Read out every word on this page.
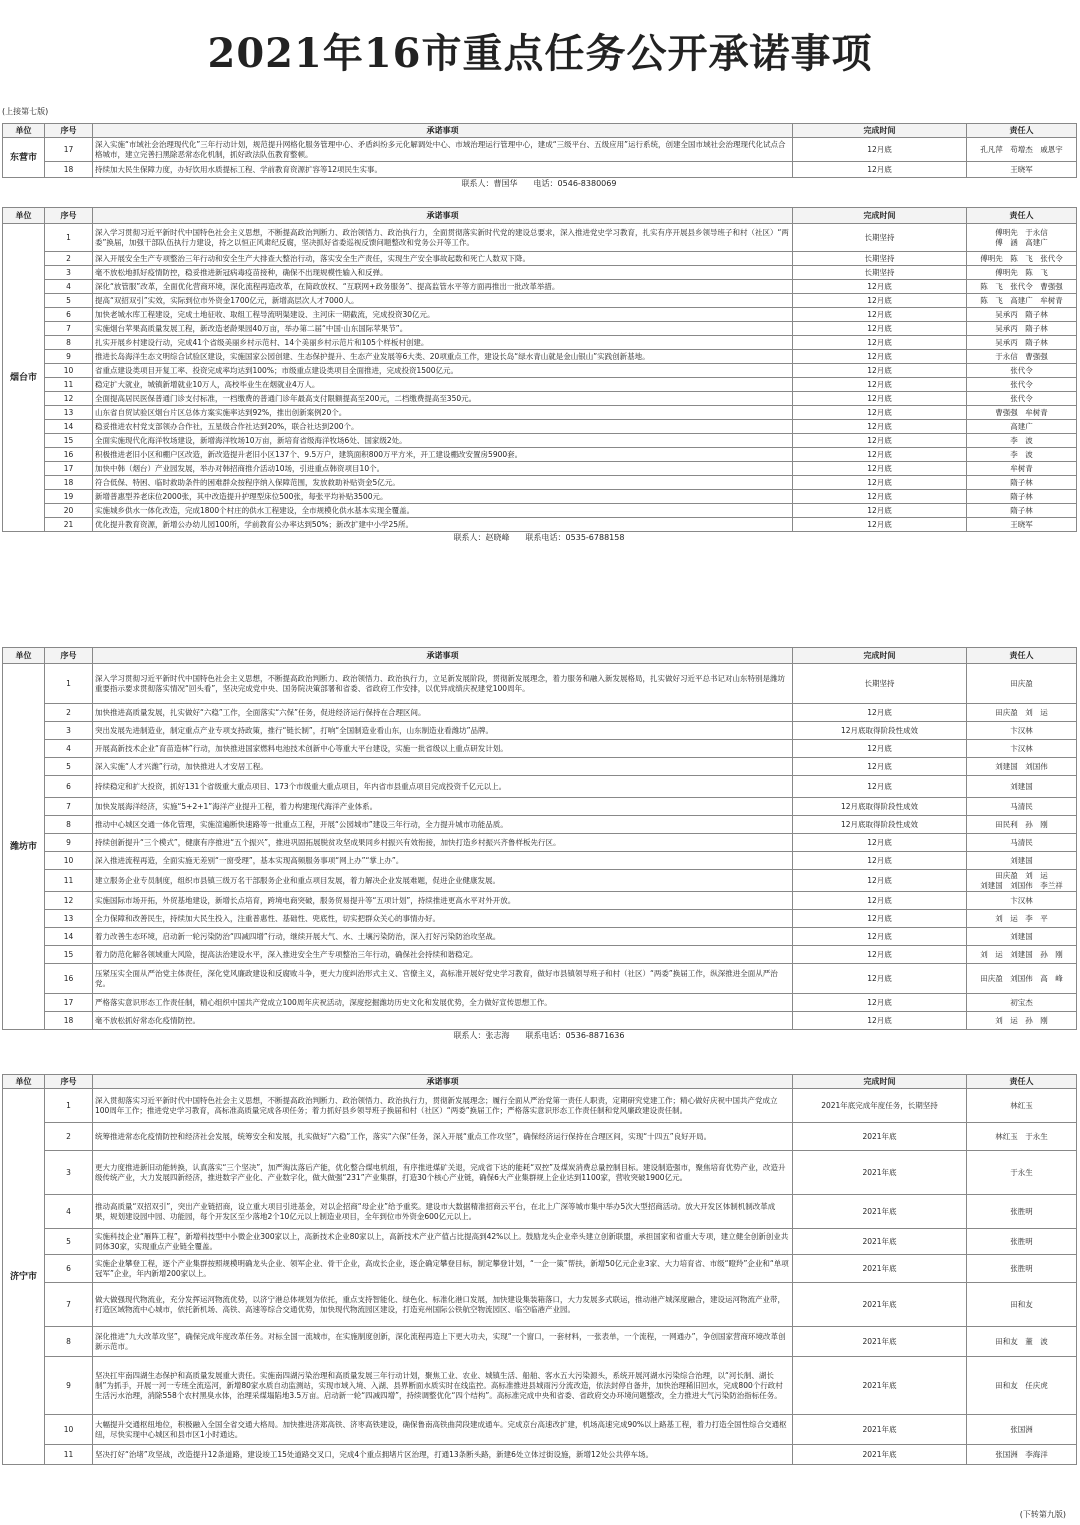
2021年16市重点任务公开承诺事项
(上接第七版)
单位	序号	承诺事项	完成时间	责任人
东营市	17	深入实施“市域社会治理现代化”三年行动计划，规范提升网格化服务管理中心、矛盾纠纷多元化解调处中心、市域治理运行管理中心，建成“三级平台、五级应用”运行系统，创建全国市域社会治理现代化试点合格城市，建立完善扫黑除恶常态化机制，抓好政法队伍教育整顿。	12月底	孔凡萍　苟增杰　戚恩宇
	18	持续加大民生保障力度，办好饮用水质提标工程、学前教育资源扩容等12项民生实事。	12月底	王晓军
联系人：曹国华　　电话：0546-8380069
单位	序号	承诺事项	完成时间	责任人
烟台市	1	深入学习贯彻习近平新时代中国特色社会主义思想，不断提高政治判断力、政治领悟力、政治执行力，全面贯彻落实新时代党的建设总要求，深入推进党史学习教育，扎实有序开展县乡领导班子和村（社区）“两委”换届，加强干部队伍执行力建设，持之以恒正风肃纪反腐，坚决抓好省委巡视反馈问题整改和党务公开等工作。	长期坚持	傅明先　于永信
傅　涵　高建广
	2	深入开展安全生产专项整治三年行动和安全生产大排查大整治行动，落实安全生产责任，实现生产安全事故起数和死亡人数双下降。	长期坚持	傅明先　陈　飞　张代令
	3	毫不放松地抓好疫情防控，稳妥推进新冠病毒疫苗接种，确保不出现规模性输入和反弹。	长期坚持	傅明先　陈　飞
	4	深化“放管服”改革，全面优化营商环境，深化流程再造改革，在简政放权、“互联网+政务服务”、提高监管水平等方面再推出一批改革举措。	12月底	陈　飞　张代令　曹强强
	5	提高“双招双引”实效，实际到位市外资金1700亿元，新增高层次人才7000人。	12月底	陈　飞　高建广　牟树青
	6	加快老城水库工程建设，完成土地征收、取组工程导流明渠建设、主河床一期截流，完成投资30亿元。	12月底	吴承丙　隋子林
	7	实施烟台苹果高质量发展工程，新改造老龄果园40万亩，举办第二届“中国·山东国际苹果节”。	12月底	吴承丙　隋子林
	8	扎实开展乡村建设行动，完成41个省级美丽乡村示范村、14个美丽乡村示范片和105个样板村创建。	12月底	吴承丙　隋子林
	9	推进长岛海洋生态文明综合试验区建设，实施国家公园创建、生态保护提升、生态产业发展等6大类、20项重点工作，建设长岛“绿水青山就是金山银山”实践创新基地。	12月底	于永信　曹强强
	10	省重点建设类项目开复工率、投资完成率均达到100%；市级重点建设类项目全面推进，完成投资1500亿元。	12月底	张代令
	11	稳定扩大就业，城镇新增就业10万人，高校毕业生在烟就业4万人。	12月底	张代令
	12	全面提高居民医保普通门诊支付标准，一档缴费的普通门诊年最高支付限额提高至200元，二档缴费提高至350元。	12月底	张代令
	13	山东省自贸试验区烟台片区总体方案实施率达到92%，推出创新案例20个。	12月底	曹强强　牟树青
	14	稳妥推进农村党支部领办合作社，五星级合作社达到20%，联合社达到200个。	12月底	高建广
	15	全面实施现代化海洋牧场建设，新增海洋牧场10万亩，新培育省级海洋牧场6处、国家级2处。	12月底	李　波
	16	积极推进老旧小区和棚户区改造，新改造提升老旧小区137个、9.5万户，建筑面积800万平方米，开工建设棚改安置房5900套。	12月底	李　波
	17	加快中韩（烟台）产业园发展，举办对韩招商推介活动10场，引进重点韩资项目10个。	12月底	牟树青
	18	符合低保、特困、临时救助条件的困难群众按程序纳入保障范围，发放救助补贴资金5亿元。	12月底	隋子林
	19	新增普惠型养老床位2000张，其中改造提升护理型床位500张，每张平均补贴3500元。	12月底	隋子林
	20	实施城乡供水一体化改造，完成1800个村庄的供水工程建设，全市规模化供水基本实现全覆盖。	12月底	隋子林
	21	优化提升教育资源，新增公办幼儿园100所，学前教育公办率达到50%；新改扩建中小学25所。	12月底	王晓军
联系人：赵晓峰　　联系电话：0535-6788158
单位	序号	承诺事项	完成时间	责任人
潍坊市	1	深入学习贯彻习近平新时代中国特色社会主义思想，不断提高政治判断力、政治领悟力、政治执行力，立足新发展阶段，贯彻新发展理念，着力服务和融入新发展格局，扎实做好习近平总书记对山东特别是潍坊重要指示要求贯彻落实情况“回头看”，坚决完成党中央、国务院决策部署和省委、省政府工作安排，以优异成绩庆祝建党100周年。	长期坚持	田庆盈
	2	加快推进高质量发展，扎实做好“六稳”工作，全面落实“六保”任务，促进经济运行保持在合理区间。	12月底	田庆盈　刘　运
	3	突出发展先进制造业，制定重点产业专项支持政策，推行“链长制”，打响“全国制造业看山东，山东制造业看潍坊”品牌。	12月底取得阶段性成效	卞汉林
	4	开展高新技术企业“育苗造林”行动，加快推进国家燃料电池技术创新中心等重大平台建设，实施一批省级以上重点研发计划。	12月底	卞汉林
	5	深入实施“人才兴潍”行动，加快推进人才安居工程。	12月底	刘建国　刘国伟
	6	持续稳定和扩大投资，抓好131个省级重大重点项目、173个市级重大重点项目，年内省市县重点项目完成投资千亿元以上。	12月底	刘建国
	7	加快发展海洋经济，实施“5+2+1”海洋产业提升工程，着力构建现代海洋产业体系。	12月底取得阶段性成效	马清民
	8	推动中心城区交通一体化管理，实施渲遍断快速路等一批重点工程，开展“公园城市”建设三年行动，全力提升城市功能品质。	12月底取得阶段性成效	田民利　孙　刚
	9	持续创新提升“三个模式”，健康有序推进“五个振兴”，推进巩固拓展脱贫攻坚成果同乡村振兴有效衔接，加快打造乡村振兴齐鲁样板先行区。	12月底	马清民
	10	深入推进流程再造，全面实施无差别“一窗受理”，基本实现高频服务事项“网上办”“掌上办”。	12月底	刘建国
	11	建立服务企业专员制度，组织市县镇三级万名干部服务企业和重点项目发展，着力解决企业发展难题，促进企业健康发展。	12月底	田庆盈　刘　运
刘建国　刘国伟　李兰祥
	12	实施国际市场开拓，外贸基地建设，新增长点培育，跨境电商突破，服务贸易提升等“五项计划”，持续推进更高水平对外开放。	12月底	卞汉林
	13	全力保障和改善民生，持续加大民生投入，注重普惠性、基础性、兜底性，切实把群众关心的事情办好。	12月底	刘　运　李　平
	14	着力改善生态环境，启动新一轮污染防治“四减四增”行动，继续开展大气、水、土壤污染防治，深入打好污染防治攻坚战。	12月底	刘建国
	15	着力防范化解各领域重大风险，提高法治建设水平，深入推进安全生产专项整治三年行动，确保社会持续和谐稳定。	12月底	刘　运　刘建国　孙　刚
	16	压紧压实全面从严治党主体责任，深化党风廉政建设和反腐败斗争，更大力度纠治形式主义、官僚主义，高标准开展好党史学习教育，做好市县镇领导班子和村（社区）“两委”换届工作，纵深推进全面从严治党。	12月底	田庆盈　刘国伟　高　峰
	17	严格落实意识形态工作责任制，精心组织中国共产党成立100周年庆祝活动，深度挖掘潍坊历史文化和发展优势，全力做好宣传思想工作。	12月底	初宝杰
	18	毫不放松抓好常态化疫情防控。	12月底	刘　运　孙　刚
联系人：张志海　　联系电话：0536-8871636
单位	序号	承诺事项	完成时间	责任人
济宁市	1	深入贯彻落实习近平新时代中国特色社会主义思想，不断提高政治判断力、政治领悟力、政治执行力，贯彻新发展理念；履行全面从严治党第一责任人职责，定期研究党建工作；精心做好庆祝中国共产党成立100周年工作；推进党史学习教育，高标准高质量完成各项任务；着力抓好县乡领导班子换届和村（社区）“两委”换届工作；严格落实意识形态工作责任制和党风廉政建设责任制。	2021年底完成年度任务，长期坚持	林红玉
	2	统筹推进常态化疫情防控和经济社会发展，统筹安全和发展，扎实做好“六稳”工作，落实“六保”任务，深入开展“重点工作攻坚”，确保经济运行保持在合理区间，实现“十四五”良好开局。	2021年底	林红玉　于永生
	3	更大力度推进新旧动能转换，认真落实“三个坚决”，加严淘汰落后产能，优化整合煤电机组，有序推进煤矿关退，完成省下达的能耗“双控”及煤炭消费总量控制目标。建设制造强市，聚焦培育优势产业，改造升级传统产业，大力发展四新经济，推进数字产业化、产业数字化，做大做强“231”产业集群，打造30个核心产业链，确保6大产业集群规上企业达到1100家，营收突破1900亿元。	2021年底	于永生
	4	推动高质量“双招双引”，突出产业链招商，设立重大项目引进基金，对以企招商“母企业”给予重奖。建设市大数据精准招商云平台，在北上广深等城市集中举办5次大型招商活动。放大开发区体制机制改革成果，规划建设园中园、功能园，每个开发区至少落地2个10亿元以上制造业项目，全年到位市外资金600亿元以上。	2021年底	张胜明
	5	实施科技企业“雁阵工程”，新增科技型中小微企业300家以上，高新技术企业80家以上，高新技术产业产值占比提高到42%以上。鼓励龙头企业牵头建立创新联盟，承担国家和省重大专项，建立健全创新创业共同体30家，实现重点产业链全覆盖。	2021年底	张胜明
	6	实施企业攀登工程，逐个产业集群按照规模明确龙头企业、领军企业、骨干企业，高成长企业，逐企确定攀登目标，制定攀登计划，“一企一策”帮扶，新增50亿元企业3家、大力培育省、市级“瞪羚”企业和“单项冠军”企业，年内新增200家以上。	2021年底	张胜明
	7	做大做强现代物流业，充分发挥运河物流优势，以济宁港总体规划为依托，重点支持智能化、绿色化、标准化港口发展，加快建设集装箱落口，大力发展多式联运，推动港产城深度融合，建设运河物流产业带，打造区域物流中心城市，依托新机场、高铁、高速等综合交通优势，加快现代物流园区建设，打造兖州国际公铁航空物流园区、临空临港产业园。	2021年底	田和友
	8	深化推进“九大改革攻坚”，确保完成年度改革任务。对标全国一流城市，在实施制度创新，深化流程再造上下更大功夫，实现“一个窗口，一套材料，一张表单，一个流程，一网通办”，争创国家营商环境改革创新示范市。	2021年底	田和友　董　波
	9	坚决扛牢南四湖生态保护和高质量发展重大责任。实施南四湖污染治理和高质量发展三年行动计划，聚焦工业、农业、城镇生活、船舶、客水五大污染源头，系统开展河湖水污染综合治理，以“河长制、湖长制”为抓手，开展一河一专班全流巡河，新增80家水质自动监测站，实现市域入境、入湖、县界断面水质实时在线监控。高标准推进县城雨污分流改造，依法封停自备井，加快治理稀旧回水，完成800个行政村生活污水治理，消除558个农村黑臭水体，治理采煤塌陷地3.5万亩。启动新一轮“四减四增”，持续调整优化“四个结构”。高标准完成中央和省委、省政府交办环境问题整改，全力推进大气污染防治指标任务。	2021年底	田和友　任庆虎
	10	大幅提升交通枢纽地位，积极融入全国全省交通大格局。加快推进济郑高铁、济枣高铁建设，确保鲁南高铁曲菏段建成通车。完成京台高速改扩建，机场高速完成90%以上路基工程，着力打造全国性综合交通枢纽，尽快实现中心城区和县市区1小时通达。	2021年底	张国洲
	11	坚决打好“治堵”攻坚战，改造提升12条道路，建设竣工15处道路交叉口，完成4个重点拥堵片区治理，打通13条断头路，新建6处立体过街设施，新增12处公共停车场。	2021年底	张国洲　李海洋
(下转第九版)
